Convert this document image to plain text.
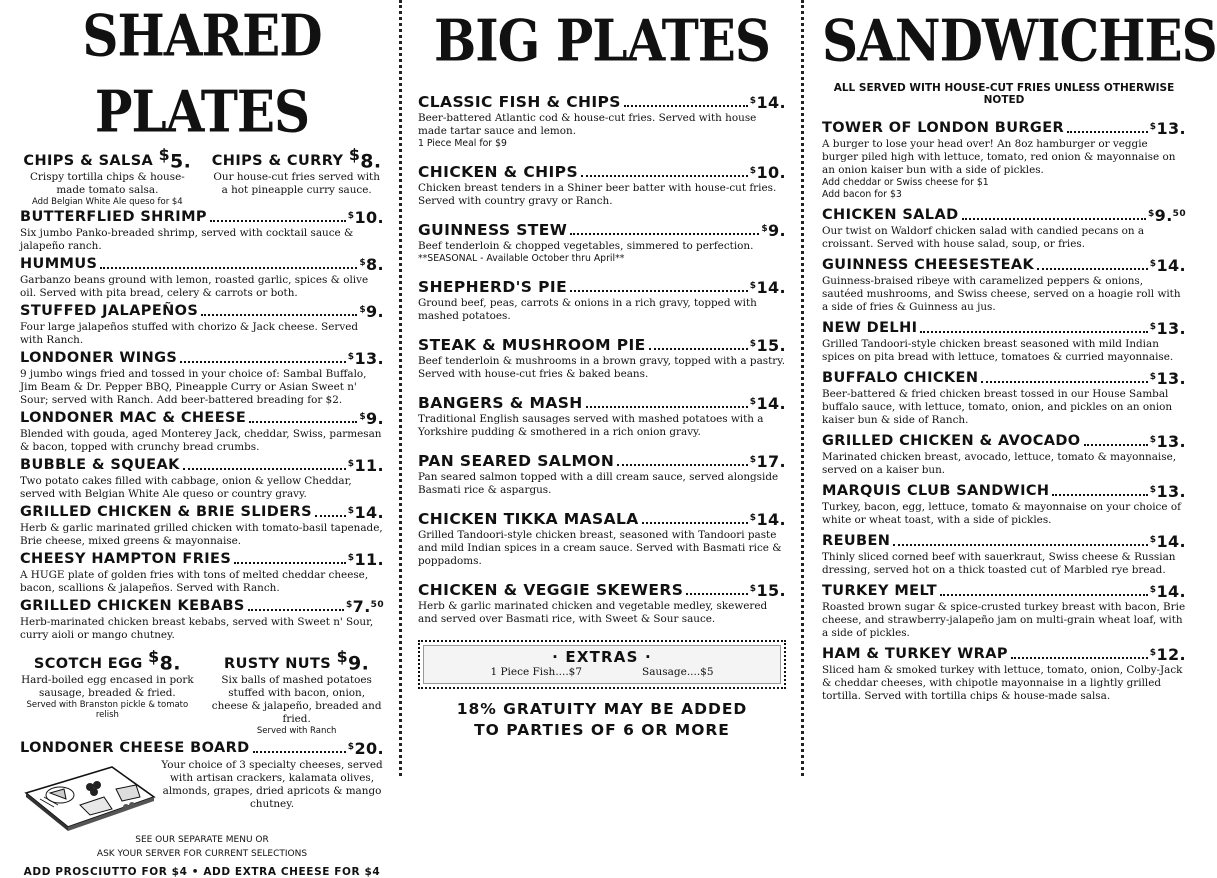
SHARED PLATES
CHIPS & SALSA
$5.
Crispy tortilla chips & house-made tomato salsa.
Add Belgian White Ale queso for $4
CHIPS & CURRY
$8.
Our house-cut fries served with a hot pineapple curry sauce.
BUTTERFLIED SHRIMP	$10.
Six jumbo Panko-breaded shrimp, served with cocktail sauce & jalapeño ranch.
HUMMUS	$8.
Garbanzo beans ground with lemon, roasted garlic, spices & olive oil. Served with pita bread, celery & carrots or both.
STUFFED JALAPEÑOS	$9.
Four large jalapeños stuffed with chorizo & Jack cheese. Served with Ranch.
LONDONER WINGS	$13.
9 jumbo wings fried and tossed in your choice of: Sambal Buffalo, Jim Beam & Dr. Pepper BBQ, Pineapple Curry or Asian Sweet n' Sour; served with Ranch. Add beer-battered breading for $2.
LONDONER MAC & CHEESE	$9.
Blended with gouda, aged Monterey Jack, cheddar, Swiss, parmesan & bacon, topped with crunchy bread crumbs.
BUBBLE & SQUEAK	$11.
Two potato cakes filled with cabbage, onion & yellow Cheddar, served with Belgian White Ale queso or country gravy.
GRILLED CHICKEN & BRIE SLIDERS	$14.
Herb & garlic marinated grilled chicken with tomato-basil tapenade, Brie cheese, mixed greens & mayonnaise.
CHEESY HAMPTON FRIES	$11.
A HUGE plate of golden fries with tons of melted cheddar cheese, bacon, scallions & jalapeños. Served with Ranch.
GRILLED CHICKEN KEBABS	$7.50
Herb-marinated chicken breast kebabs, served with Sweet n' Sour, curry aioli or mango chutney.
SCOTCH EGG
$8.
Hard-boiled egg encased in pork sausage, breaded & fried.
Served with Branston pickle & tomato relish
RUSTY NUTS
$9.
Six balls of mashed potatoes stuffed with bacon, onion, cheese & jalapeño, breaded and fried.
Served with Ranch
LONDONER CHEESE BOARD	$20.
Your choice of 3 specialty cheeses, served with artisan crackers, kalamata olives, almonds, grapes, dried apricots & mango chutney.
SEE OUR SEPARATE MENU OR
ASK YOUR SERVER FOR CURRENT SELECTIONS
ADD PROSCIUTTO FOR $4 • ADD EXTRA CHEESE FOR $4
BIG PLATES
CLASSIC FISH & CHIPS	$14.
Beer-battered Atlantic cod & house-cut fries. Served with house made tartar sauce and lemon.
1 Piece Meal for $9
CHICKEN & CHIPS	$10.
Chicken breast tenders in a Shiner beer batter with house-cut fries. Served with country gravy or Ranch.
GUINNESS STEW	$9.
Beef tenderloin & chopped vegetables, simmered to perfection.
**SEASONAL - Available October thru April**
SHEPHERD'S PIE	$14.
Ground beef, peas, carrots & onions in a rich gravy, topped with mashed potatoes.
STEAK & MUSHROOM PIE	$15.
Beef tenderloin & mushrooms in a brown gravy, topped with a pastry. Served with house-cut fries & baked beans.
BANGERS & MASH	$14.
Traditional English sausages served with mashed potatoes with a Yorkshire pudding & smothered in a rich onion gravy.
PAN SEARED SALMON	$17.
Pan seared salmon topped with a dill cream sauce, served alongside Basmati rice & aspargus.
CHICKEN TIKKA MASALA	$14.
Grilled Tandoori-style chicken breast, seasoned with Tandoori paste and mild Indian spices in a cream sauce. Served with Basmati rice & poppadoms.
CHICKEN & VEGGIE SKEWERS	$15.
Herb & garlic marinated chicken and vegetable medley, skewered and served over Basmati rice, with Sweet & Sour sauce.
· EXTRAS ·
1 Piece Fish....$7	Sausage....$5
18% GRATUITY MAY BE ADDED
TO PARTIES OF 6 OR MORE
SANDWICHES
ALL SERVED WITH HOUSE-CUT FRIES UNLESS OTHERWISE NOTED
TOWER OF LONDON BURGER	$13.
A burger to lose your head over! An 8oz hamburger or veggie burger piled high with lettuce, tomato, red onion & mayonnaise on an onion kaiser bun with a side of pickles.
Add cheddar or Swiss cheese for $1
Add bacon for $3
CHICKEN SALAD	$9.50
Our twist on Waldorf chicken salad with candied pecans on a croissant. Served with house salad, soup, or fries.
GUINNESS CHEESESTEAK	$14.
Guinness-braised ribeye with caramelized peppers & onions, sautéed mushrooms, and Swiss cheese, served on a hoagie roll with a side of fries & Guinness au jus.
NEW DELHI	$13.
Grilled Tandoori-style chicken breast seasoned with mild Indian spices on pita bread with lettuce, tomatoes & curried mayonnaise.
BUFFALO CHICKEN	$13.
Beer-battered & fried chicken breast tossed in our House Sambal buffalo sauce, with lettuce, tomato, onion, and pickles on an onion kaiser bun & side of Ranch.
GRILLED CHICKEN & AVOCADO	$13.
Marinated chicken breast, avocado, lettuce, tomato & mayonnaise, served on a kaiser bun.
MARQUIS CLUB SANDWICH	$13.
Turkey, bacon, egg, lettuce, tomato & mayonnaise on your choice of white or wheat toast, with a side of pickles.
REUBEN	$14.
Thinly sliced corned beef with sauerkraut, Swiss cheese & Russian dressing, served hot on a thick toasted cut of Marbled rye bread.
TURKEY MELT	$14.
Roasted brown sugar & spice-crusted turkey breast with bacon, Brie cheese, and strawberry-jalapeño jam on multi-grain wheat loaf, with a side of pickles.
HAM & TURKEY WRAP	$12.
Sliced ham & smoked turkey with lettuce, tomato, onion, Colby-Jack & cheddar cheeses, with chipotle mayonnaise in a lightly grilled tortilla. Served with tortilla chips & house-made salsa.
